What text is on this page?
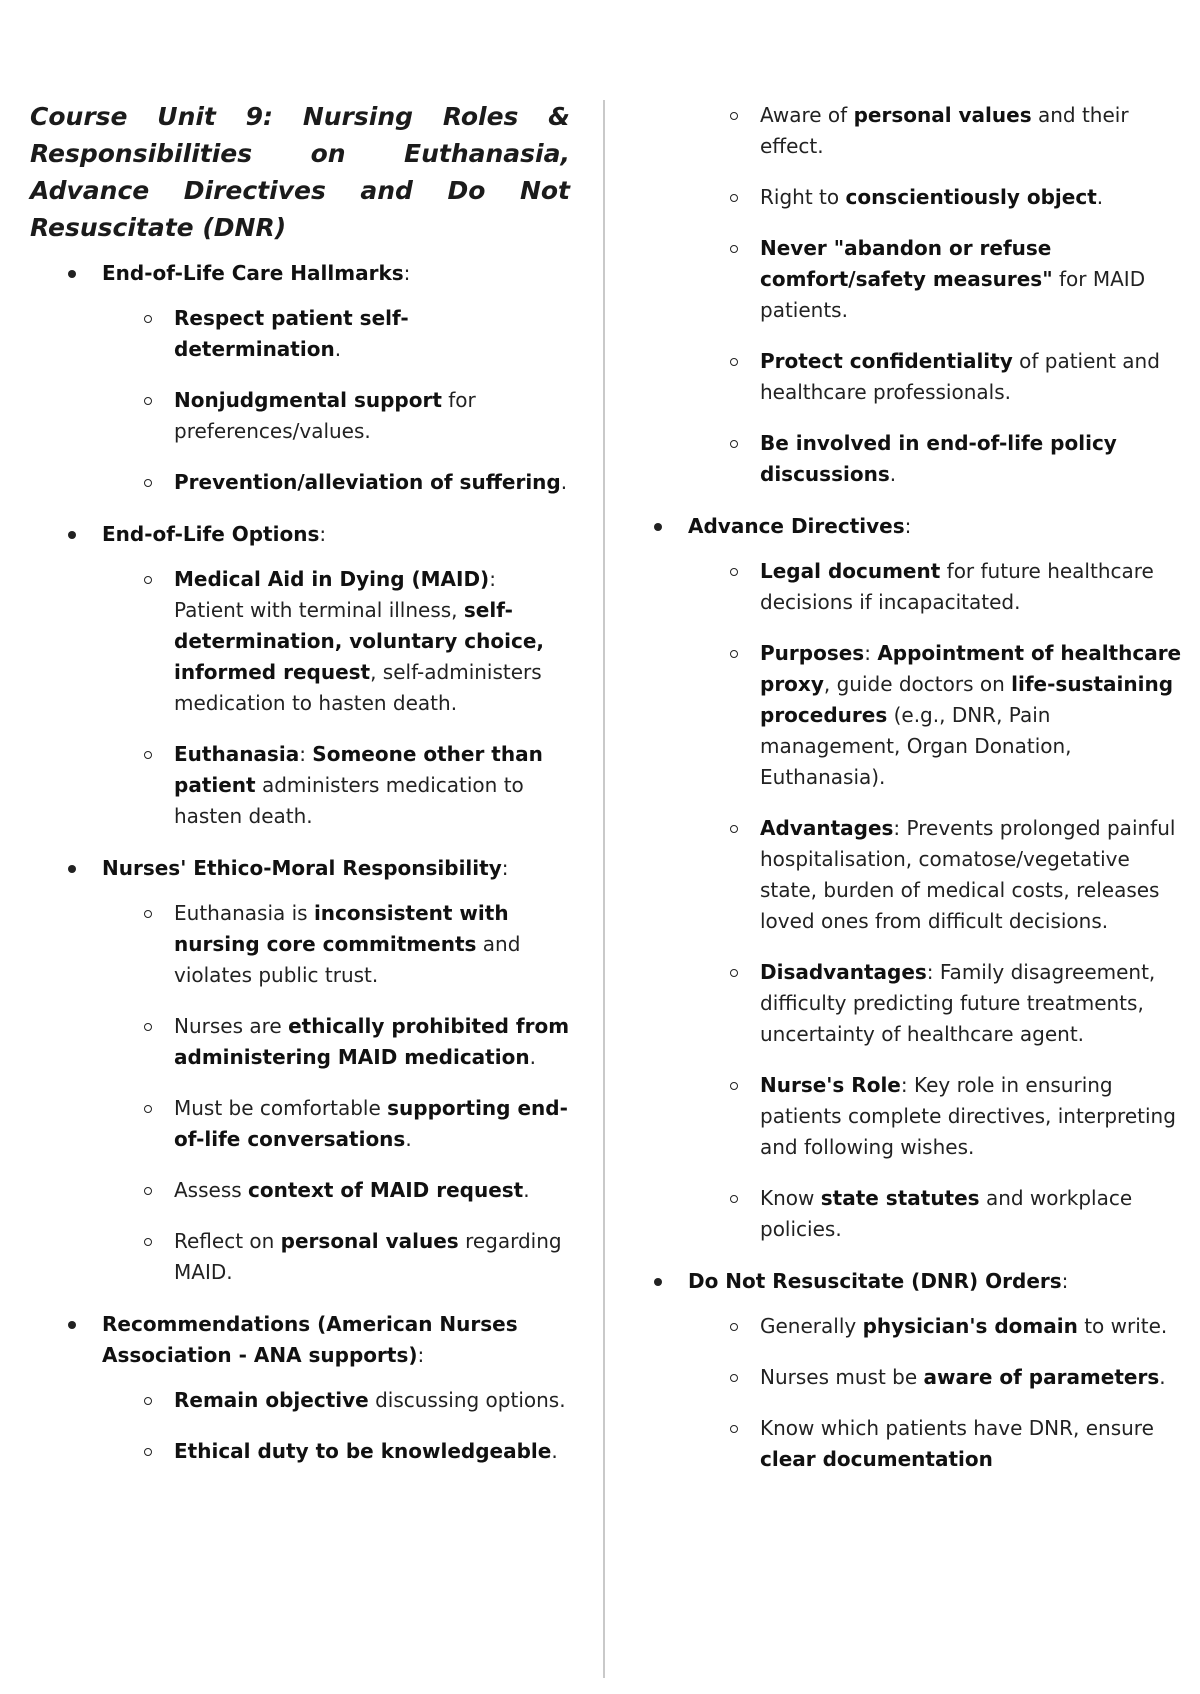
Course Unit 9: Nursing Roles & Responsibilities on Euthanasia, Advance Directives and Do Not Resuscitate (DNR)

End-of-Life Care Hallmarks:

Respect patient self-determination.
Nonjudgmental support for preferences/values.
Prevention/alleviation of suffering.

End-of-Life Options:

Medical Aid in Dying (MAID): Patient with terminal illness, self-determination, voluntary choice, informed request, self-administers medication to hasten death.
Euthanasia: Someone other than patient administers medication to hasten death.

Nurses' Ethico-Moral Responsibility:

Euthanasia is inconsistent with nursing core commitments and violates public trust.
Nurses are ethically prohibited from administering MAID medication.
Must be comfortable supporting end-of-life conversations.
Assess context of MAID request.
Reflect on personal values regarding MAID.

Recommendations (American Nurses Association - ANA supports):

Remain objective discussing options.
Ethical duty to be knowledgeable.
Aware of personal values and their effect.
Right to conscientiously object.
Never "abandon or refuse comfort/safety measures" for MAID patients.
Protect confidentiality of patient and healthcare professionals.
Be involved in end-of-life policy discussions.

Advance Directives:

Legal document for future healthcare decisions if incapacitated.
Purposes: Appointment of healthcare proxy, guide doctors on life-sustaining procedures (e.g., DNR, Pain management, Organ Donation, Euthanasia).
Advantages: Prevents prolonged painful hospitalisation, comatose/vegetative state, burden of medical costs, releases loved ones from difficult decisions.
Disadvantages: Family disagreement, difficulty predicting future treatments, uncertainty of healthcare agent.
Nurse's Role: Key role in ensuring patients complete directives, interpreting and following wishes.
Know state statutes and workplace policies.

Do Not Resuscitate (DNR) Orders:

Generally physician's domain to write.
Nurses must be aware of parameters.
Know which patients have DNR, ensure clear documentation
